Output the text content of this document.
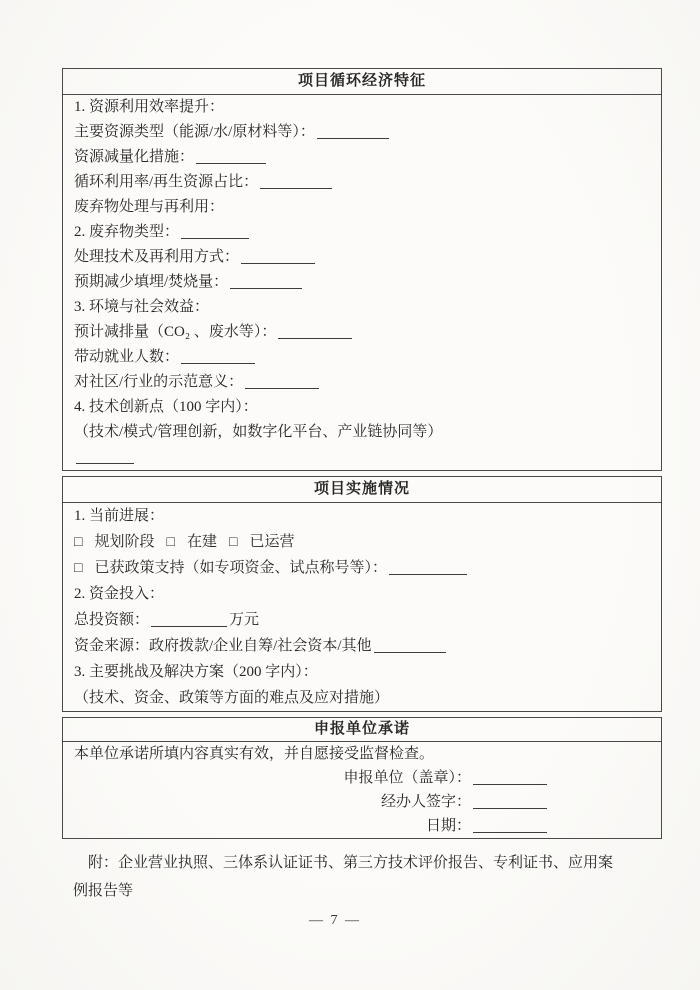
项目循环经济特征
1. 资源利用效率提升：
主要资源类型（能源/水/原材料等）：
资源减量化措施：
循环利用率/再生资源占比：
废弃物处理与再利用：
2. 废弃物类型：
处理技术及再利用方式：
预期减少填埋/焚烧量：
3. 环境与社会效益：
预计减排量（CO₂ 、废水等）：
带动就业人数：
对社区/行业的示范意义：
4. 技术创新点（100 字内）：
（技术/模式/管理创新，如数字化平台、产业链协同等）
项目实施情况
1. 当前进展：
□ 规划阶段 □ 在建 □ 已运营
□ 已获政策支持（如专项资金、试点称号等）：
2. 资金投入：
总投资额：	万元
资金来源：政府拨款/企业自筹/社会资本/其他
3. 主要挑战及解决方案（200 字内）：
（技术、资金、政策等方面的难点及应对措施）
申报单位承诺
本单位承诺所填内容真实有效，并自愿接受监督检查。
申报单位（盖章）：
经办人签字：
日期：
附：企业营业执照、三体系认证证书、第三方技术评价报告、专利证书、应用案
例报告等
— 7 —
